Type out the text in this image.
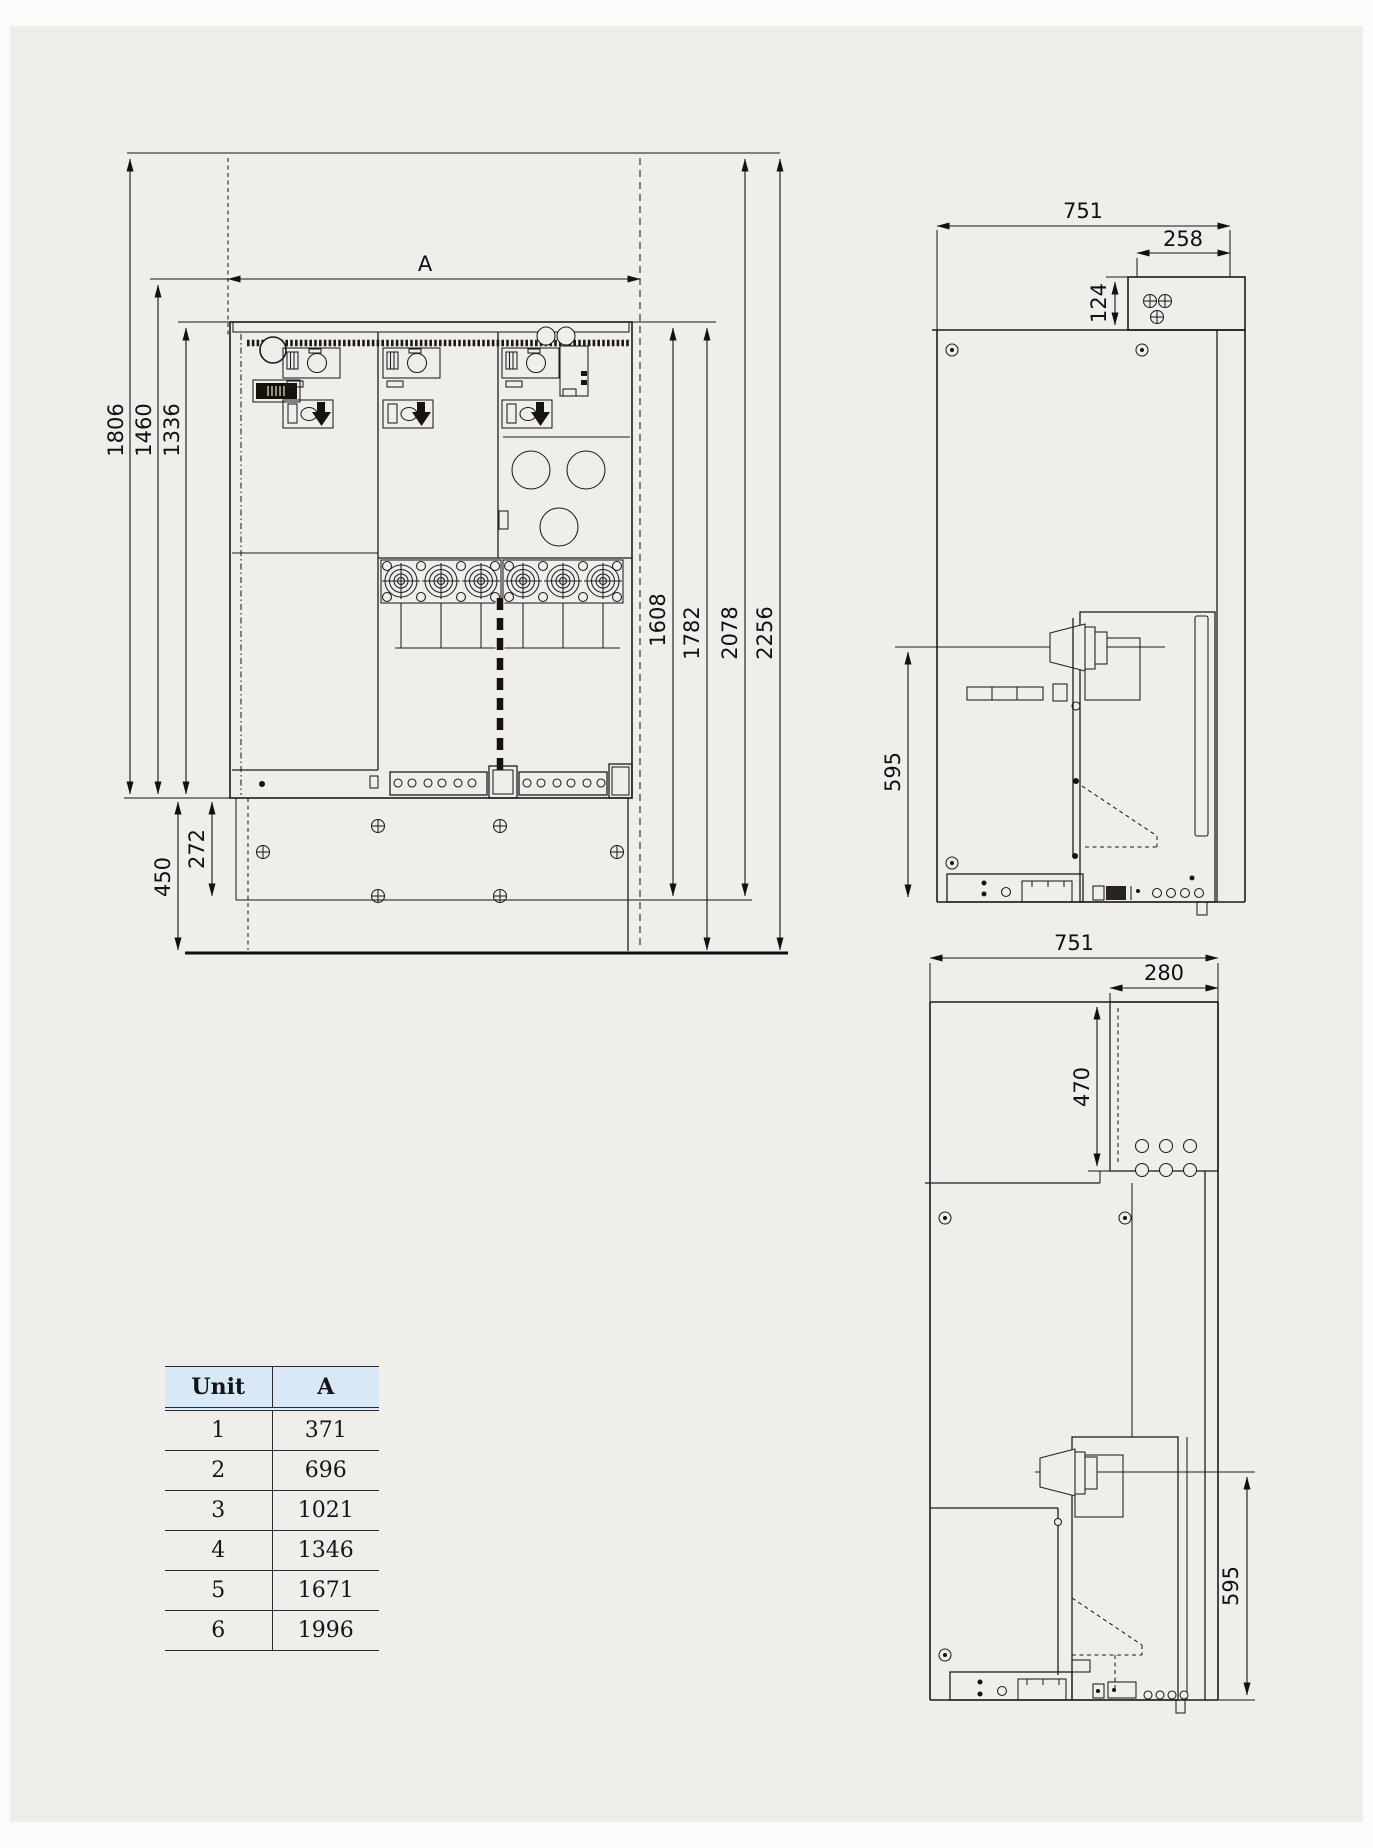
A
1806 1460 1336
1608 1782 2078 2256
450
272
751
258
124
595
751
280
470
595
Unit	A
1	371
2	696
3	1021
4	1346
5	1671
6	1996
